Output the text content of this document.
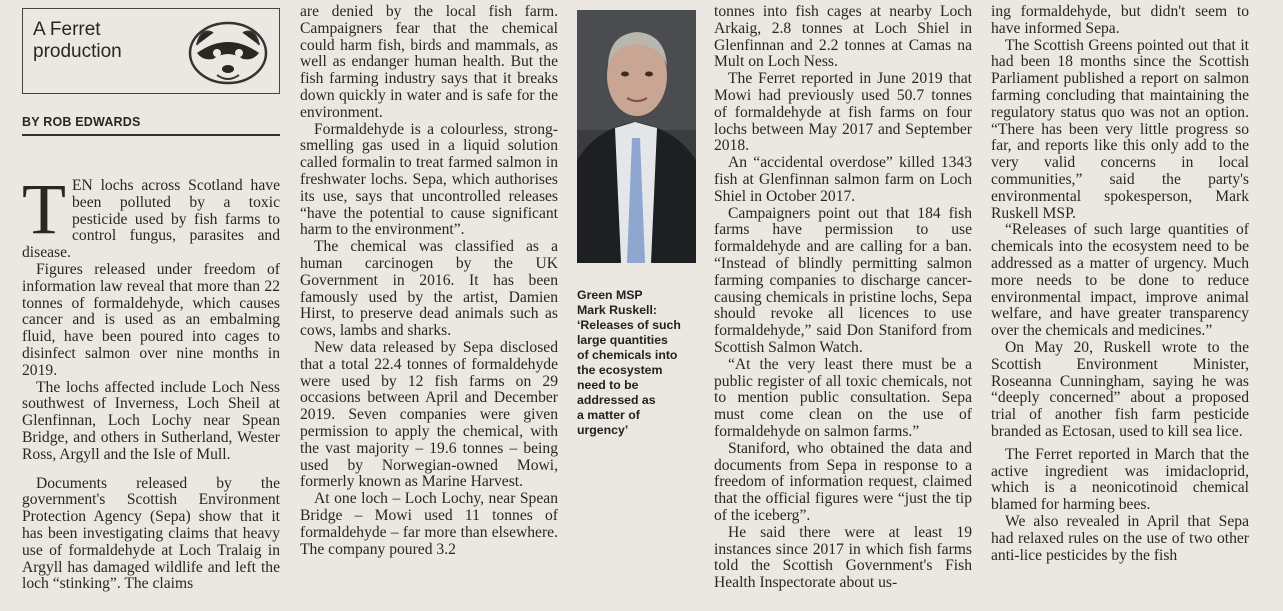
A Ferret
production
BY ROB EDWARDS

TEN lochs across Scotland have been polluted by a toxic pesticide used by fish farms to control fungus, parasites and disease.

Figures released under freedom of information law reveal that more than 22 tonnes of formaldehyde, which causes cancer and is used as an embalming fluid, have been poured into cages to disinfect salmon over nine months in 2019.

The lochs affected include Loch Ness southwest of Inverness, Loch Sheil at Glenfinnan, Loch Lochy near Spean Bridge, and others in Sutherland, Wester Ross, Argyll and the Isle of Mull.

Documents released by the government's Scottish Environment Protection Agency (Sepa) show that it has been investigating claims that heavy use of formaldehyde at Loch Tralaig in Argyll has damaged wildlife and left the loch “stinking”. The claims

are denied by the local fish farm. Campaigners fear that the chemical could harm fish, birds and mammals, as well as endanger human health. But the fish farming industry says that it breaks down quickly in water and is safe for the environment.

Formaldehyde is a colourless, strong-smelling gas used in a liquid solution called formalin to treat farmed salmon in freshwater lochs. Sepa, which authorises its use, says that uncontrolled releases “have the potential to cause significant harm to the environment”.

The chemical was classified as a human carcinogen by the UK Government in 2016. It has been famously used by the artist, Damien Hirst, to preserve dead animals such as cows, lambs and sharks.

New data released by Sepa disclosed that a total 22.4 tonnes of formaldehyde were used by 12 fish farms on 29 occasions between April and December 2019. Seven companies were given permission to apply the chemical, with the vast majority – 19.6 tonnes – being used by Norwegian-owned Mowi, formerly known as Marine Harvest.

At one loch – Loch Lochy, near Spean Bridge – Mowi used 11 tonnes of formaldehyde – far more than elsewhere. The company poured 3.2

Green MSP
Mark Ruskell:
‘Releases of such
large quantities
of chemicals into
the ecosystem
need to be
addressed as
a matter of
urgency’

tonnes into fish cages at nearby Loch Arkaig, 2.8 tonnes at Loch Shiel in Glenfinnan and 2.2 tonnes at Camas na Mult on Loch Ness.

The Ferret reported in June 2019 that Mowi had previously used 50.7 tonnes of formaldehyde at fish farms on four lochs between May 2017 and September 2018.

An “accidental overdose” killed 1343 fish at Glenfinnan salmon farm on Loch Shiel in October 2017.

Campaigners point out that 184 fish farms have permission to use formaldehyde and are calling for a ban. “Instead of blindly permitting salmon farming companies to discharge cancer-causing chemicals in pristine lochs, Sepa should revoke all licences to use formaldehyde,” said Don Staniford from Scottish Salmon Watch.

“At the very least there must be a public register of all toxic chemicals, not to mention public consultation. Sepa must come clean on the use of formaldehyde on salmon farms.”

Staniford, who obtained the data and documents from Sepa in response to a freedom of information request, claimed that the official figures were “just the tip of the iceberg”.

He said there were at least 19 instances since 2017 in which fish farms told the Scottish Government's Fish Health Inspectorate about us-

ing formaldehyde, but didn't seem to have informed Sepa.

The Scottish Greens pointed out that it had been 18 months since the Scottish Parliament published a report on salmon farming concluding that maintaining the regulatory status quo was not an option. “There has been very little progress so far, and reports like this only add to the very valid concerns in local communities,” said the party's environmental spokesperson, Mark Ruskell MSP.

“Releases of such large quantities of chemicals into the ecosystem need to be addressed as a matter of urgency. Much more needs to be done to reduce environmental impact, improve animal welfare, and have greater transparency over the chemicals and medicines.”

On May 20, Ruskell wrote to the Scottish Environment Minister, Roseanna Cunningham, saying he was “deeply concerned” about a proposed trial of another fish farm pesticide branded as Ectosan, used to kill sea lice.

The Ferret reported in March that the active ingredient was imidacloprid, which is a neonicotinoid chemical blamed for harming bees.

We also revealed in April that Sepa had relaxed rules on the use of two other anti-lice pesticides by the fish
